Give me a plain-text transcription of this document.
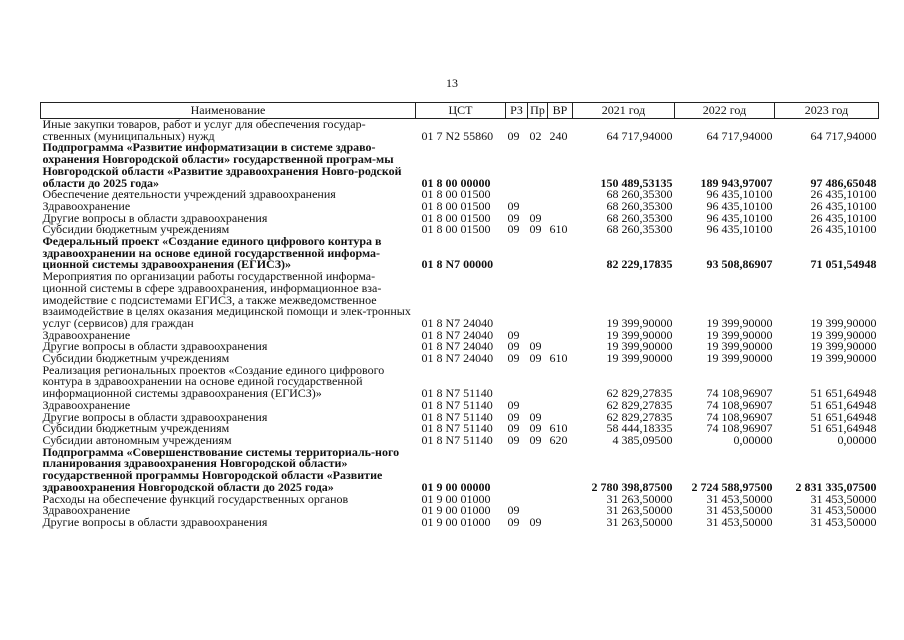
13
Наименование	ЦСТ	РЗ	Пр	ВР	2021 год	2022 год	2023 год
Иные закупки товаров, работ и услуг для обеспечения государ-ственных (муниципальных) нужд	01 7 N2 55860	09	02	240	64 717,94000	64 717,94000	64 717,94000
Подпрограмма «Развитие информатизации в системе здраво-охранения Новгородской области» государственной програм-мы Новгородской области «Развитие здравоохранения Новго-родской области до 2025 года»	01 8 00 00000				150 489,53135	189 943,97007	97 486,65048
Обеспечение деятельности учреждений здравоохранения	01 8 00 01500				68 260,35300	96 435,10100	26 435,10100
Здравоохранение	01 8 00 01500	09			68 260,35300	96 435,10100	26 435,10100
Другие вопросы в области здравоохранения	01 8 00 01500	09	09		68 260,35300	96 435,10100	26 435,10100
Субсидии бюджетным учреждениям	01 8 00 01500	09	09	610	68 260,35300	96 435,10100	26 435,10100
Федеральный проект «Создание единого цифрового контура в здравоохранении на основе единой государственной информа-ционной системы здравоохранения (ЕГИСЗ)»	01 8 N7 00000				82 229,17835	93 508,86907	71 051,54948
Мероприятия по организации работы государственной информа-ционной системы в сфере здравоохранения, информационное вза-имодействие с подсистемами ЕГИСЗ, а также межведомственное взаимодействие в целях оказания медицинской помощи и элек-тронных услуг (сервисов) для граждан	01 8 N7 24040				19 399,90000	19 399,90000	19 399,90000
Здравоохранение	01 8 N7 24040	09			19 399,90000	19 399,90000	19 399,90000
Другие вопросы в области здравоохранения	01 8 N7 24040	09	09		19 399,90000	19 399,90000	19 399,90000
Субсидии бюджетным учреждениям	01 8 N7 24040	09	09	610	19 399,90000	19 399,90000	19 399,90000
Реализация региональных проектов «Создание единого цифрового контура в здравоохранении на основе единой государственной информационной системы здравоохранения (ЕГИСЗ)»	01 8 N7 51140				62 829,27835	74 108,96907	51 651,64948
Здравоохранение	01 8 N7 51140	09			62 829,27835	74 108,96907	51 651,64948
Другие вопросы в области здравоохранения	01 8 N7 51140	09	09		62 829,27835	74 108,96907	51 651,64948
Субсидии бюджетным учреждениям	01 8 N7 51140	09	09	610	58 444,18335	74 108,96907	51 651,64948
Субсидии автономным учреждениям	01 8 N7 51140	09	09	620	4 385,09500	0,00000	0,00000
Подпрограмма «Совершенствование системы территориаль-ного планирования здравоохранения Новгородской области» государственной программы Новгородской области «Развитие здравоохранения Новгородской области до 2025 года»	01 9 00 00000				2 780 398,87500	2 724 588,97500	2 831 335,07500
Расходы на обеспечение функций государственных органов	01 9 00 01000				31 263,50000	31 453,50000	31 453,50000
Здравоохранение	01 9 00 01000	09			31 263,50000	31 453,50000	31 453,50000
Другие вопросы в области здравоохранения	01 9 00 01000	09	09		31 263,50000	31 453,50000	31 453,50000
